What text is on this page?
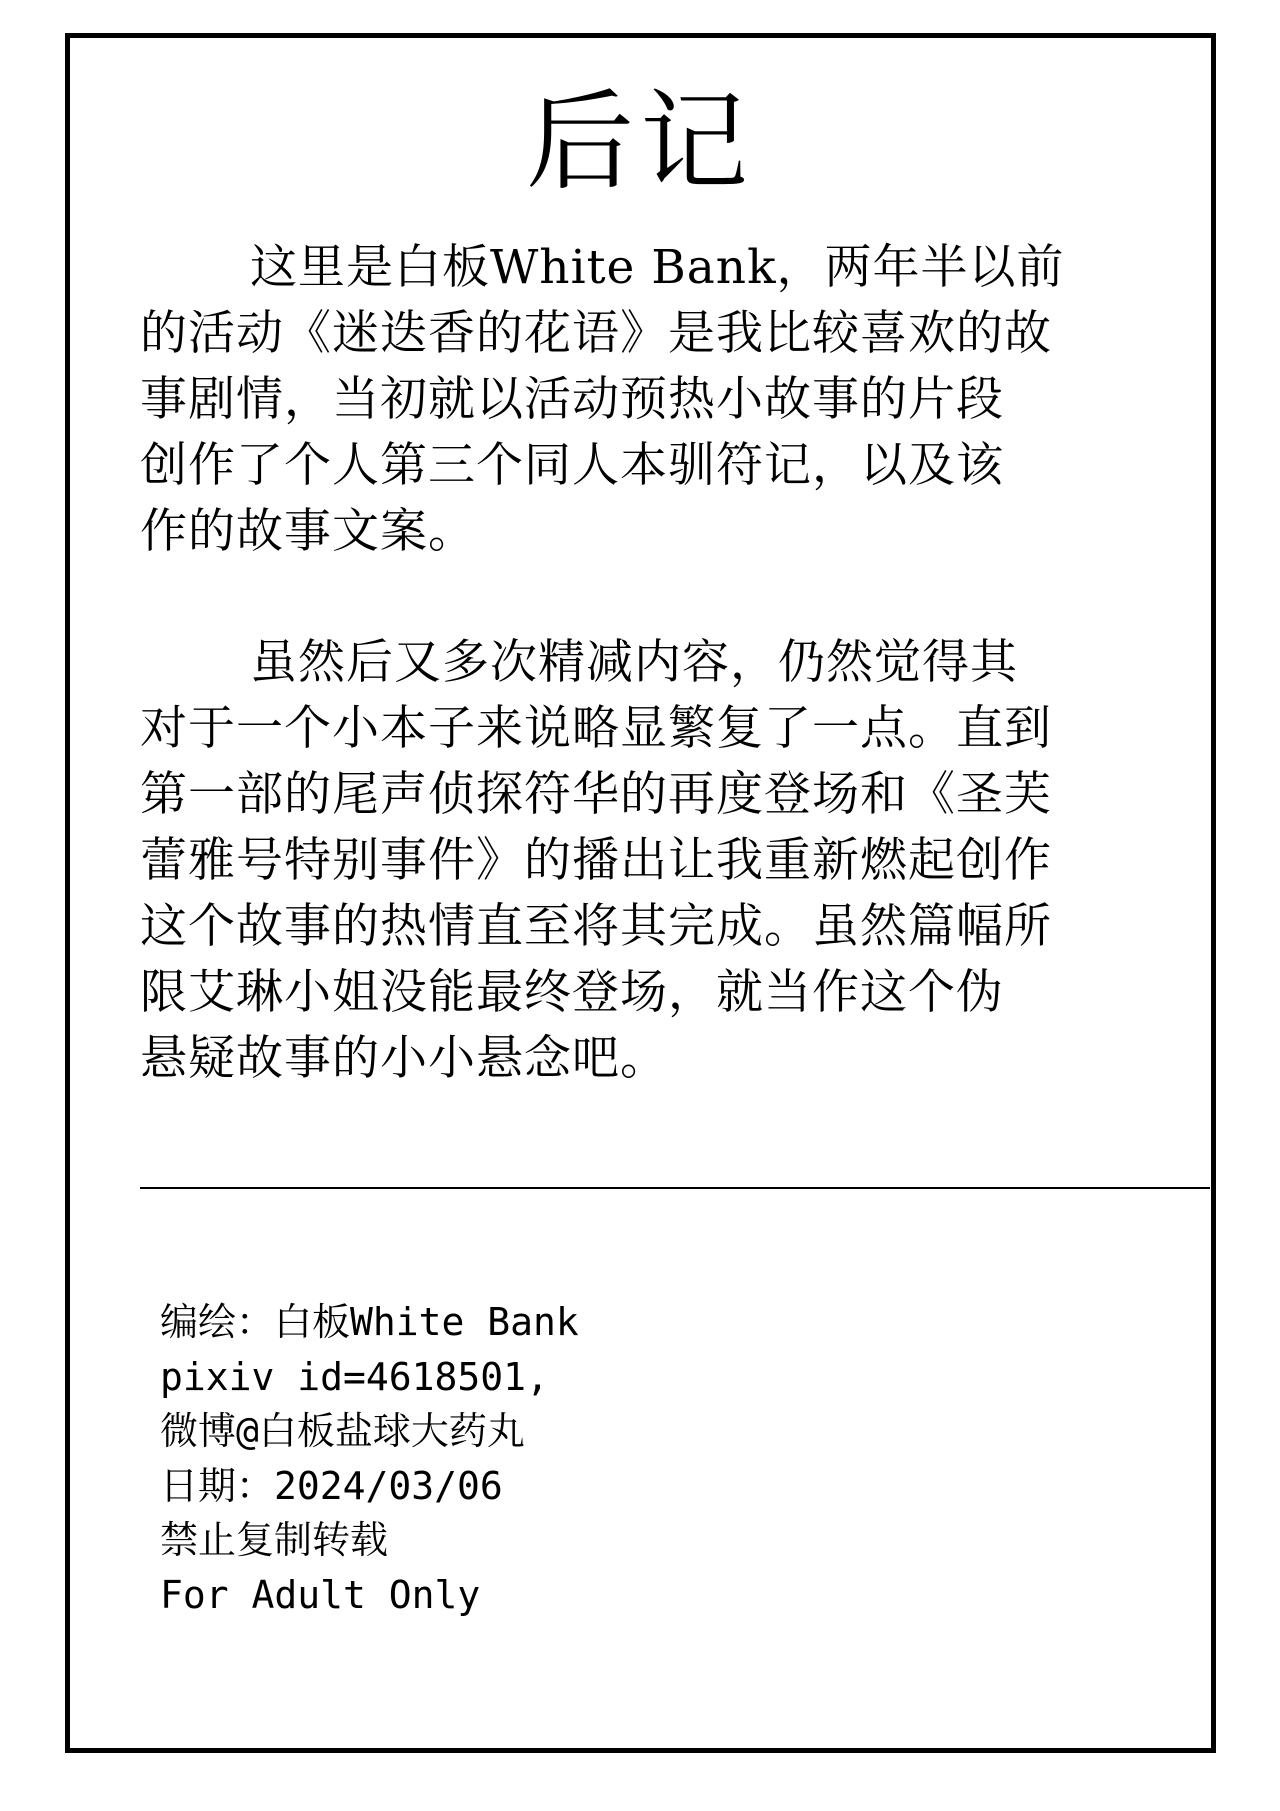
后记
这里是白板White Bank，两年半以前
的活动《迷迭香的花语》是我比较喜欢的故
事剧情，当初就以活动预热小故事的片段
创作了个人第三个同人本驯符记，以及该
作的故事文案。
虽然后又多次精减内容，仍然觉得其
对于一个小本子来说略显繁复了一点。直到
第一部的尾声侦探符华的再度登场和《圣芙
蕾雅号特别事件》的播出让我重新燃起创作
这个故事的热情直至将其完成。虽然篇幅所
限艾琳小姐没能最终登场，就当作这个伪
悬疑故事的小小悬念吧。
编绘：白板White Bank
pixiv id=4618501,
微博@白板盐球大药丸
日期：2024/03/06
禁止复制转载
For Adult Only
